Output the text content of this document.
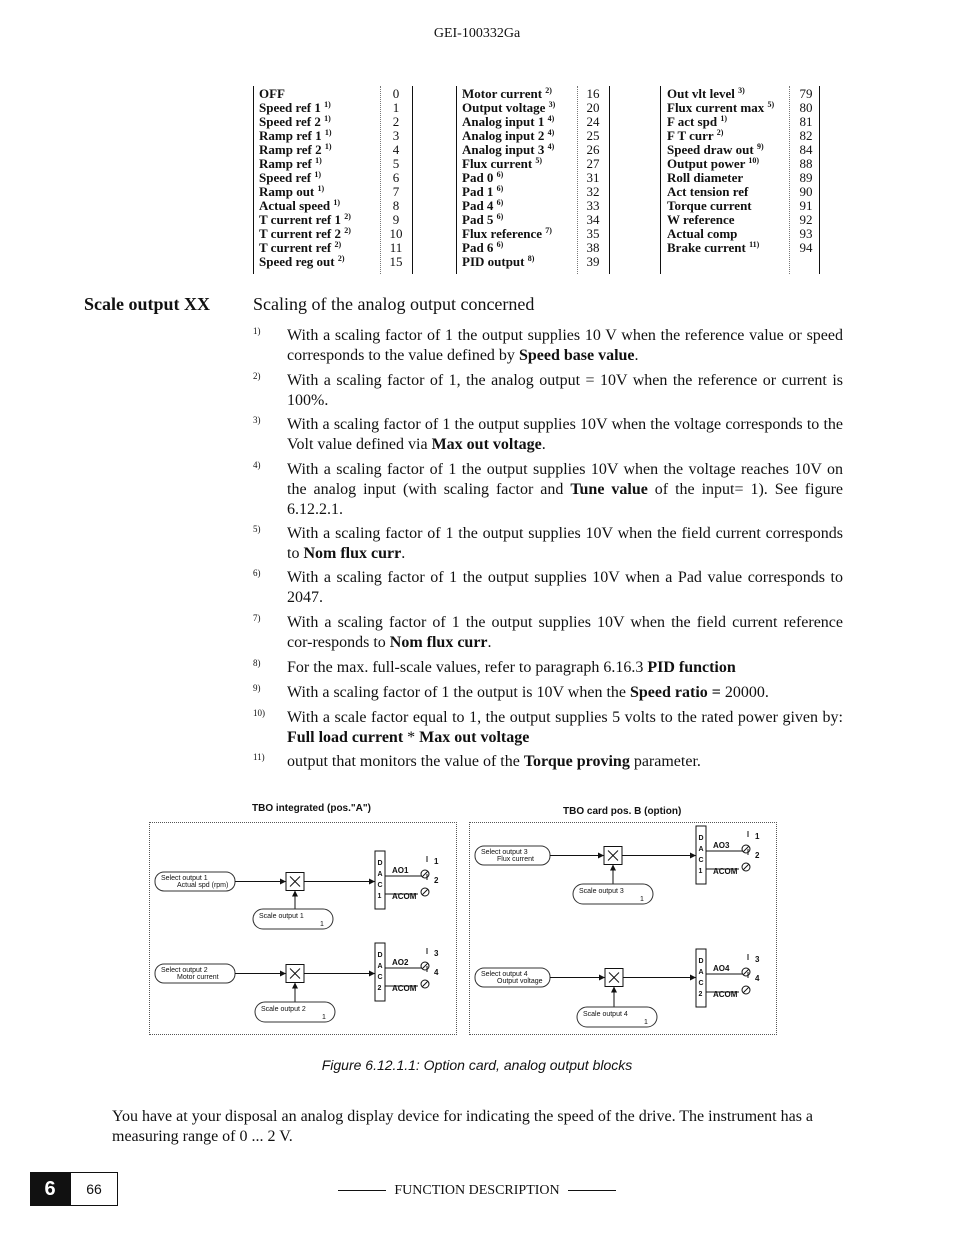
GEI-100332Ga
OFF	0
Speed ref 1 $^{1)}$	1
Speed ref 2 $^{1)}$	2
Ramp ref 1 $^{1)}$	3
Ramp ref 2 $^{1)}$	4
Ramp ref $^{1)}$	5
Speed ref $^{1)}$	6
Ramp out $^{1)}$	7
Actual speed $^{1)}$	8
T current ref 1 $^{2)}$	9
T current ref 2 $^{2)}$	10
T current ref $^{2)}$	11
Speed reg out $^{2)}$	15
Motor current $^{2)}$	16
Output voltage $^{3)}$ 20
Analog input 1 $^{4)}$ 24
Analog input 2 $^{4)}$ 25
Analog input 3 $^{4)}$ 26
Flux current $^{5)}$	27
Pad 0 $^{6)}$	31
Pad 1 $^{6)}$	32
Pad 4 $^{6)}$	33
Pad 5 $^{6)}$	34
Flux reference $^{7)}$	35
Pad 6 $^{6)}$	38
PID output $^{8)}$	39
Out vlt level $^{3)}$	79
Flux current max $^{5)}$ 80
F act spd $^{1)}$	81
F T curr $^{2)}$	82
Speed draw out $^{9)}$	84
Output power $^{10)}$	88
Roll diameter	89
Act tension ref	90
Torque current	91
W reference	92
Actual comp	93
Brake current $^{11)}$	94
Scale output XX Scaling of the analog output concerned
1) With a scaling factor of 1 the output supplies 10 V when the reference value or speed corresponds to the value defined by Speed base value.
2) With a scaling factor of 1, the analog output = 10V when the reference or current is 100%.
3) With a scaling factor of 1 the output supplies 10V when the voltage corresponds to the Volt value defined via Max out voltage.
4) With a scaling factor of 1 the output supplies 10V when the voltage reaches 10V on the analog input (with scaling factor and Tune value of the input= 1). See figure 6.12.2.1.
5) With a scaling factor of 1 the output supplies 10V when the field current corresponds to Nom flux curr.
6) With a scaling factor of 1 the output supplies 10V when a Pad value corresponds to 2047.
7) With a scaling factor of 1 the output supplies 10V when the field current reference cor-responds to Nom flux curr.
8) For the max. full-scale values, refer to paragraph 6.16.3 PID function
9) With a scaling factor of 1 the output is 10V when the Speed ratio = 20000.
10) With a scale factor equal to 1, the output supplies 5 volts to the rated power given by: Full load current * Max out voltage
11) output that monitors the value of the Torque proving parameter.
TBO integrated (pos."A")	TBO card pos. B (option)
Select output 1
Actual spd (rpm)
Scale output 1
1
D
A
C
1
AO1
ACOM
1
2
Select output 2
Motor current
Scale output 2
1
D
A
C
2
AO2
ACOM
3
4
Select output 3
Flux current
Scale output 3
1
D
A
C
1
AO3
ACOM
1
2
Select output 4
Output voltage
Scale output 4
1
D
A
C
2
AO4
ACOM
3
4
Figure 6.12.1.1: Option card, analog output blocks
You have at your disposal an analog display device for indicating the speed of the drive. The instrument has a measuring range of 0 ... 2 V.
6	66	FUNCTION DESCRIPTION
